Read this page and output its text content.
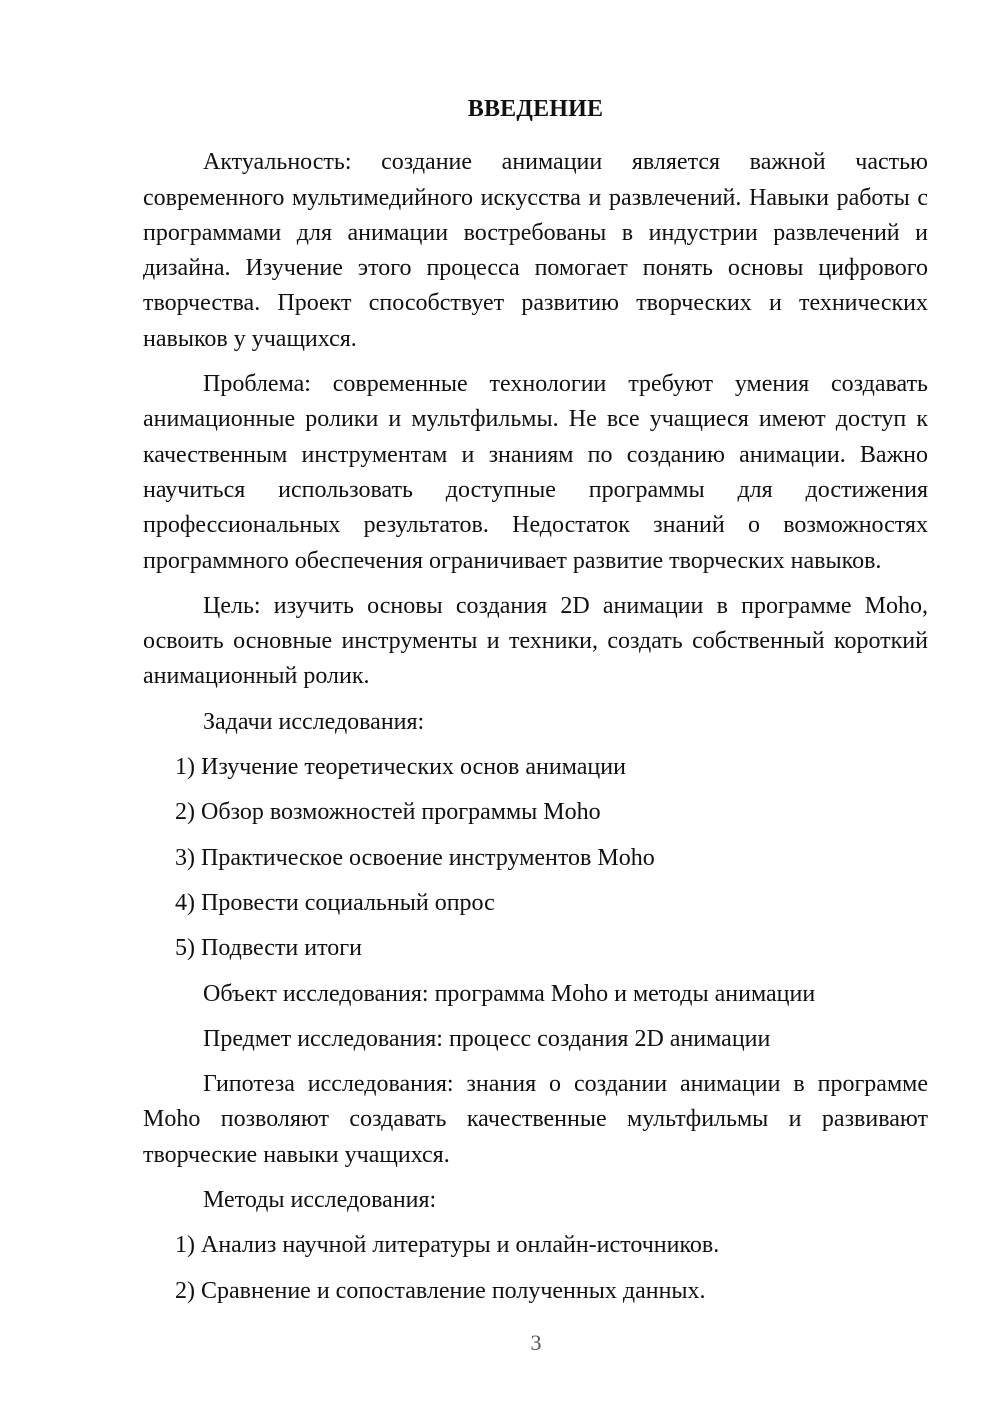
ВВЕДЕНИЕ

Актуальность: создание анимации является важной частью современного мультимедийного искусства и развлечений. Навыки работы с программами для анимации востребованы в индустрии развлечений и дизайна. Изучение этого процесса помогает понять основы цифрового творчества. Проект способствует развитию творческих и технических навыков у учащихся.

Проблема: современные технологии требуют умения создавать анимационные ролики и мультфильмы. Не все учащиеся имеют доступ к качественным инструментам и знаниям по созданию анимации. Важно научиться использовать доступные программы для достижения профессиональных результатов. Недостаток знаний о возможностях программного обеспечения ограничивает развитие творческих навыков.

Цель: изучить основы создания 2D анимации в программе Moho, освоить основные инструменты и техники, создать собственный короткий анимационный ролик.

Задачи исследования:

1) Изучение теоретических основ анимации

2) Обзор возможностей программы Moho

3) Практическое освоение инструментов Moho

4) Провести социальный опрос

5) Подвести итоги

Объект исследования: программа Moho и методы анимации

Предмет исследования: процесс создания 2D анимации

Гипотеза исследования: знания о создании анимации в программе Moho позволяют создавать качественные мультфильмы и развивают творческие навыки учащихся.

Методы исследования:

1) Анализ научной литературы и онлайн-источников.

2) Сравнение и сопоставление полученных данных.

3
